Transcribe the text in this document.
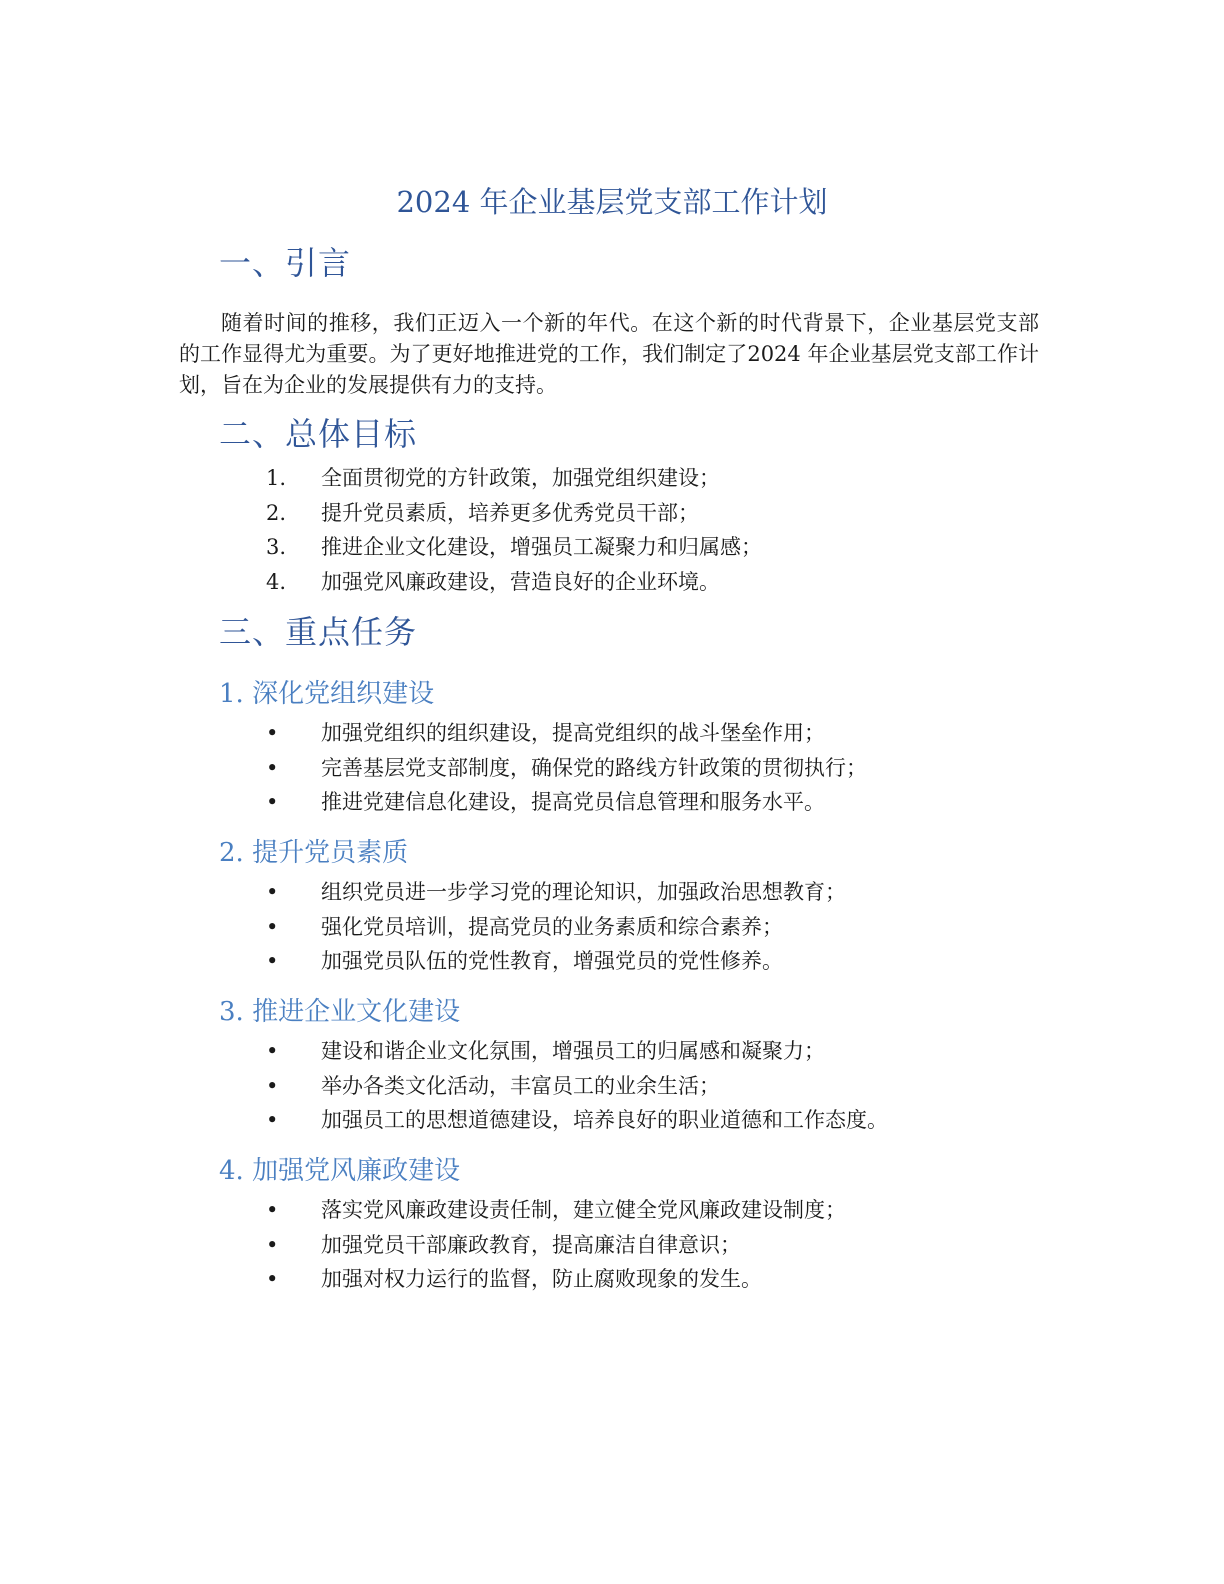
2024 年企业基层党支部工作计划
一、引言

随着时间的推移，我们正迈入一个新的年代。在这个新的时代背景下，企业基层党支部的工作显得尤为重要。为了更好地推进党的工作，我们制定了2024 年企业基层党支部工作计划，旨在为企业的发展提供有力的支持。

二、总体目标
1. 全面贯彻党的方针政策，加强党组织建设；
2. 提升党员素质，培养更多优秀党员干部；
3. 推进企业文化建设，增强员工凝聚力和归属感；
4. 加强党风廉政建设，营造良好的企业环境。
三、重点任务
1. 深化党组织建设
• 加强党组织的组织建设，提高党组织的战斗堡垒作用；
• 完善基层党支部制度，确保党的路线方针政策的贯彻执行；
• 推进党建信息化建设，提高党员信息管理和服务水平。
2. 提升党员素质
• 组织党员进一步学习党的理论知识，加强政治思想教育；
• 强化党员培训，提高党员的业务素质和综合素养；
• 加强党员队伍的党性教育，增强党员的党性修养。
3. 推进企业文化建设
• 建设和谐企业文化氛围，增强员工的归属感和凝聚力；
• 举办各类文化活动，丰富员工的业余生活；
• 加强员工的思想道德建设，培养良好的职业道德和工作态度。
4. 加强党风廉政建设
• 落实党风廉政建设责任制，建立健全党风廉政建设制度；
• 加强党员干部廉政教育，提高廉洁自律意识；
• 加强对权力运行的监督，防止腐败现象的发生。
